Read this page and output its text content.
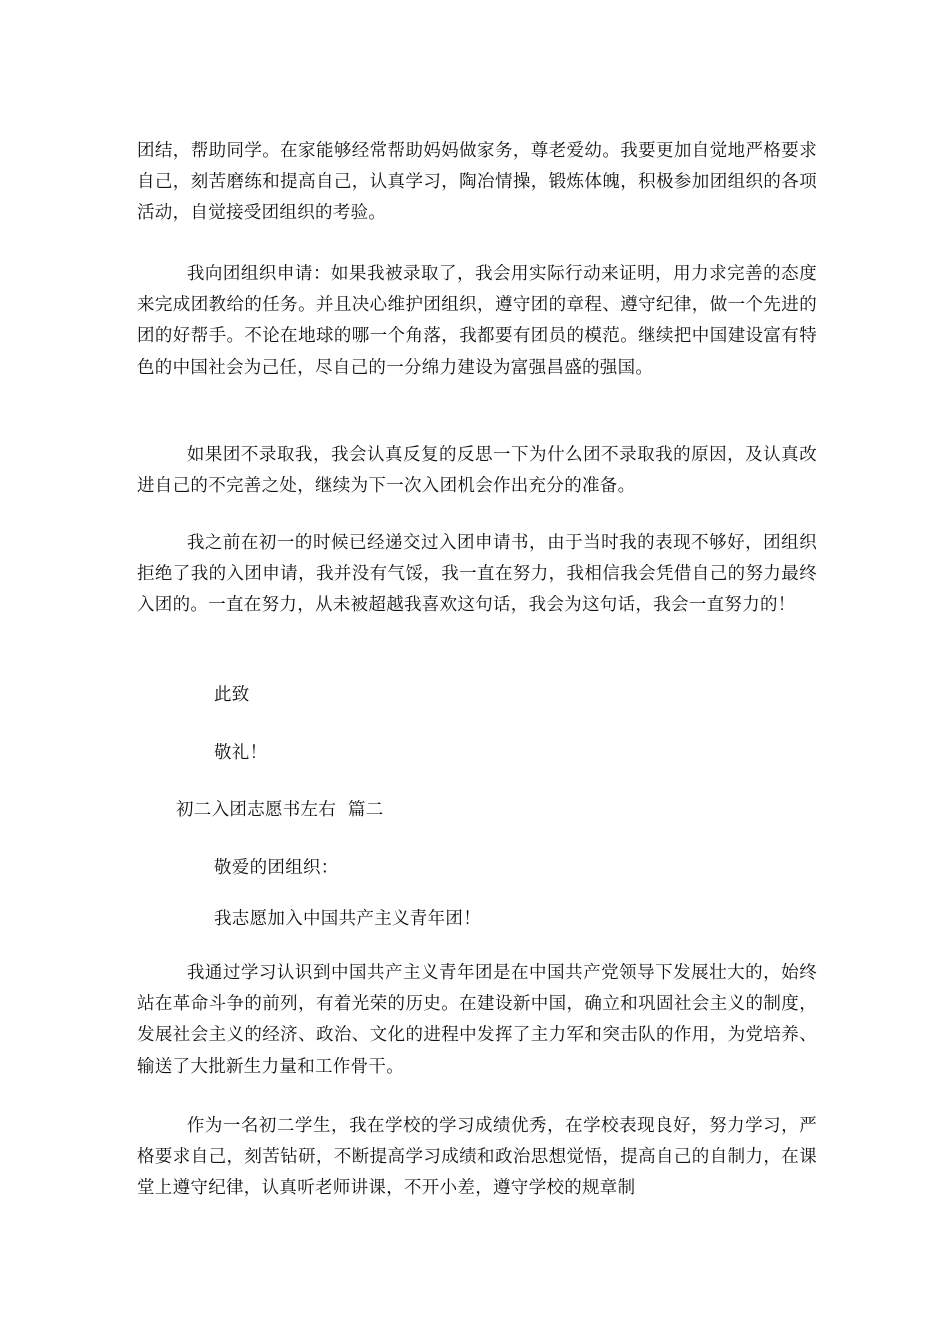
团结，帮助同学。在家能够经常帮助妈妈做家务，尊老爱幼。我要更加自觉地严格要求自己，刻苦磨练和提高自己，认真学习，陶冶情操，锻炼体魄，积极参加团组织的各项活动，自觉接受团组织的考验。

我向团组织申请：如果我被录取了，我会用实际行动来证明，用力求完善的态度来完成团教给的任务。并且决心维护团组织，遵守团的章程、遵守纪律，做一个先进的团的好帮手。不论在地球的哪一个角落，我都要有团员的模范。继续把中国建设富有特色的中国社会为己任，尽自己的一分绵力建设为富强昌盛的强国。

如果团不录取我，我会认真反复的反思一下为什么团不录取我的原因，及认真改进自己的不完善之处，继续为下一次入团机会作出充分的准备。

我之前在初一的时候已经递交过入团申请书，由于当时我的表现不够好，团组织拒绝了我的入团申请，我并没有气馁，我一直在努力，我相信我会凭借自己的努力最终入团的。一直在努力，从未被超越我喜欢这句话，我会为这句话，我会一直努力的！

此致

敬礼！

初二入团志愿书左右  篇二

敬爱的团组织：

我志愿加入中国共产主义青年团！

我通过学习认识到中国共产主义青年团是在中国共产党领导下发展壮大的，始终站在革命斗争的前列，有着光荣的历史。在建设新中国，确立和巩固社会主义的制度，发展社会主义的经济、政治、文化的进程中发挥了主力军和突击队的作用，为党培养、输送了大批新生力量和工作骨干。

作为一名初二学生，我在学校的学习成绩优秀，在学校表现良好，努力学习，严格要求自己，刻苦钻研，不断提高学习成绩和政治思想觉悟，提高自己的自制力，在课堂上遵守纪律，认真听老师讲课，不开小差，遵守学校的规章制
